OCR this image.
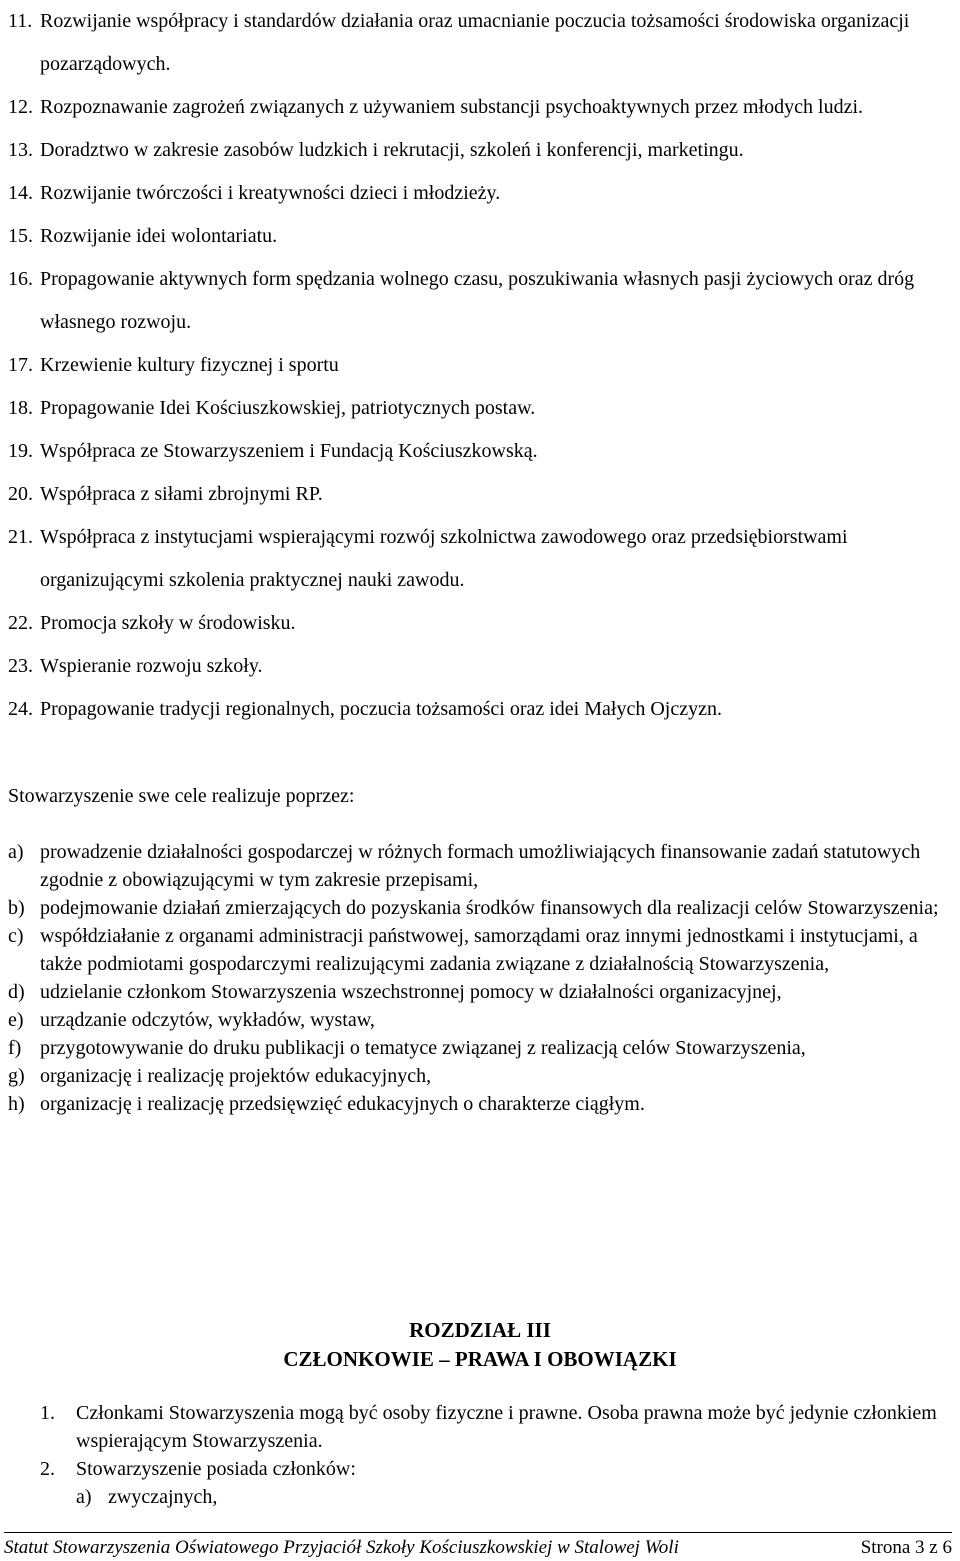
11. Rozwijanie współpracy i standardów działania oraz umacnianie poczucia tożsamości środowiska organizacji pozarządowych.
12. Rozpoznawanie zagrożeń związanych z używaniem substancji psychoaktywnych przez młodych ludzi.
13. Doradztwo w zakresie zasobów ludzkich i rekrutacji, szkoleń i konferencji, marketingu.
14. Rozwijanie twórczości i kreatywności dzieci i młodzieży.
15. Rozwijanie idei wolontariatu.
16. Propagowanie aktywnych form spędzania wolnego czasu, poszukiwania własnych pasji życiowych oraz dróg własnego rozwoju.
17. Krzewienie kultury fizycznej i sportu
18. Propagowanie Idei Kościuszkowskiej, patriotycznych postaw.
19. Współpraca ze Stowarzyszeniem i Fundacją Kościuszkowską.
20. Współpraca z siłami zbrojnymi RP.
21. Współpraca z instytucjami wspierającymi rozwój szkolnictwa zawodowego oraz przedsiębiorstwami organizującymi szkolenia praktycznej nauki zawodu.
22. Promocja szkoły w środowisku.
23. Wspieranie rozwoju szkoły.
24. Propagowanie tradycji regionalnych, poczucia tożsamości oraz idei Małych Ojczyzn.

Stowarzyszenie swe cele realizuje poprzez:

a) prowadzenie działalności gospodarczej w różnych formach umożliwiających finansowanie zadań statutowych zgodnie z obowiązującymi w tym zakresie przepisami,
b) podejmowanie działań zmierzających do pozyskania środków finansowych dla realizacji celów Stowarzyszenia;
c) współdziałanie z organami administracji państwowej, samorządami oraz innymi jednostkami i instytucjami, a także podmiotami gospodarczymi realizującymi zadania związane z działalnością Stowarzyszenia,
d) udzielanie członkom Stowarzyszenia wszechstronnej pomocy w działalności organizacyjnej,
e) urządzanie odczytów, wykładów, wystaw,
f) przygotowywanie do druku publikacji o tematyce związanej z realizacją celów Stowarzyszenia,
g) organizację i realizację projektów edukacyjnych,
h) organizację i realizację przedsięwzięć edukacyjnych o charakterze ciągłym.
ROZDZIAŁ III
CZŁONKOWIE – PRAWA I OBOWIĄZKI
1.	Członkami Stowarzyszenia mogą być osoby fizyczne i prawne. Osoba prawna może być jedynie członkiem wspierającym Stowarzyszenia.
2.	Stowarzyszenie posiada członków:
a) zwyczajnych,
Statut Stowarzyszenia Oświatowego Przyjaciół Szkoły Kościuszkowskiej w Stalowej Woli	Strona 3 z 6
